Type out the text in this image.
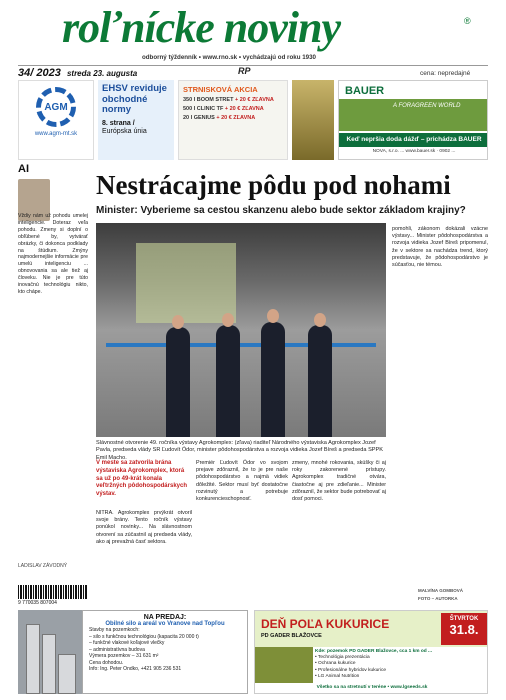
roľnícke noviny	®
odborný týždenník • www.rno.sk • vychádzajú od roku 1930
34/ 2023 streda 23. augusta	RP	cena: nepredajné
AGM
www.agm-mt.sk
EHSV reviduje obchodné normy
8. strana /
Európska únia
STRNISKOVÁ AKCIA
350 I BOOM STRET + 20 € ZĽAVNA
500 I CLINIC TF + 20 € ZĽAVNA
20 I GENIUS + 20 € ZĽAVNA
BAUER
A FORAGREEN WORLD
Keď nepršia doda dážď – prichádza BAUER
NOVA, s.r.o. ... www.bauer.sk · 0902 ...
AI
Vždiy nám už pohodu umelej inteligencie. Doteraz veľa pohodu. Zmeny si doplní o obľúbené by, vytvárať obrázky, či dokonca podklady na štúdium. Zmýny najmodernejšie informácie pre umelú inteligenciu ... obnovovania sa ale tiež aj človeku. Nie je pre túto inovačnú technológiu nikto, kto chápe.
LADISLAV ZÁVODNÝ
9 770035 807004
Nestrácajme pôdu pod nohami
Minister: Vyberieme sa cestou skanzenu alebo bude sektor základom krajiny?
Slávnostné otvorenie 49. ročníka výstavy Agrokomplex: (zľava) riaditeľ Národného výstaviska Agrokomplex Jozef Pavla, predseda vlády SR Ľudovít Ódor, minister pôdohospodárstva a rozvoja vidieka Jozef Bíreš a predseda SPPK Emil Macho.
V meste sa zatvorila brána výstaviska Agrokomplex, ktorá sa už po 49-krát konala veľtržných pôdohospodárskych výstav.
NITRA. Agrokomplex prvýkrát otvoril svoje brány. Tento ročník výstavy ponúkol novinky... Na slávnostnom otvorení sa zúčastnil aj predseda vlády, ako aj prevažná časť sektora.
Premiér Ľudovít Ódor vo svojom prejave zdôraznil, že to je pre naše pôdohospodárstvo a najmä vidiek dôležité. Sektor musí byť dostatočne rozvinutý a potrebuje konkurencieschopnosť.
zmeny, mnohé rokovania, skúšky či aj roky zakorenené prístupy. Agrokomplex tradičné otvára, čiastočne aj pre zdieľanie... Minister zdôraznil, že sektor bude potrebovať aj dosť pomoci.
pomohli, zákonom dokázali vzácne výstavy... Minister pôdohospodárstva a rozvoja vidieka Jozef Bíreš pripomenul, že v sektore sa nachádza trend, ktorý predstavuje, že pôdohospodárstvo je súčasťou, nie témou.
MALVÍNA GOMBOVÁ
FOTO – AUTORKA
NA PREDAJ:
Obilné silo a areál vo Vranove nad Topľou
Stavby na pozemkoch:
– silo s funkčnou technológiou (kapacita 20 000 t)
– funkčné vlakové koľajové vlečky
– administratívna budova
Výmera pozemkov – 31 631 m²
Cena dohodou.
Info: Ing. Peter Ondko, +421 905 236 531
DEŇ POĽA KUKURICE
PD GADER BLAŽOVCE
ŠTVRTOK
31.8.
Kde: pozemok PD GADER Blažovce, cca 1 km od ...
• Technológia prezentácia
• Ochrana kukurice
• Profesionálne hybridov kukurice
• LG Animal Nutrition
Všetko sa na stretnutí v teréne • www.lgseeds.sk
